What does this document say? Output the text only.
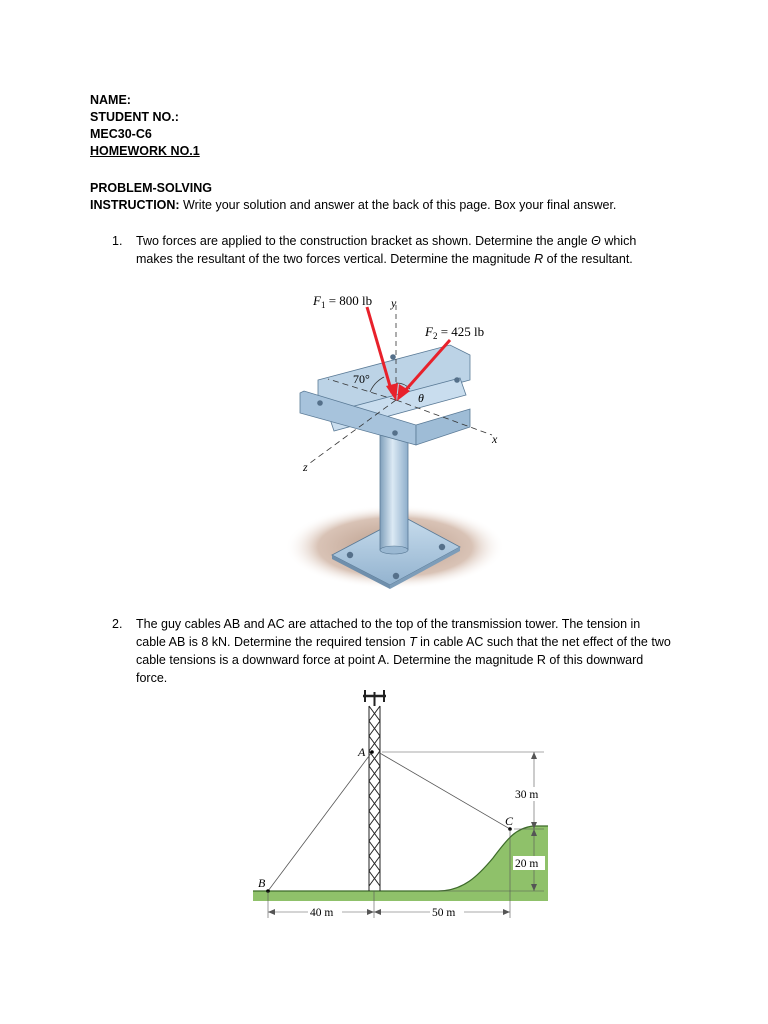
NAME:
STUDENT NO.:
MEC30-C6
HOMEWORK NO.1
PROBLEM-SOLVING
INSTRUCTION: Write your solution and answer at the back of this page. Box your final answer.
1. Two forces are applied to the construction bracket as shown. Determine the angle Θ which makes the resultant of the two forces vertical. Determine the magnitude R of the resultant.
$F_1 = 800$ lb y
$F_2 = 425$ lb
70°
θ
x
z
2. The guy cables AB and AC are attached to the top of the transmission tower. The tension in cable AB is 8 kN. Determine the required tension T in cable AC such that the net effect of the two cable tensions is a downward force at point A. Determine the magnitude R of this downward force.
A
B
C
30 m
20 m
40 m	50 m
